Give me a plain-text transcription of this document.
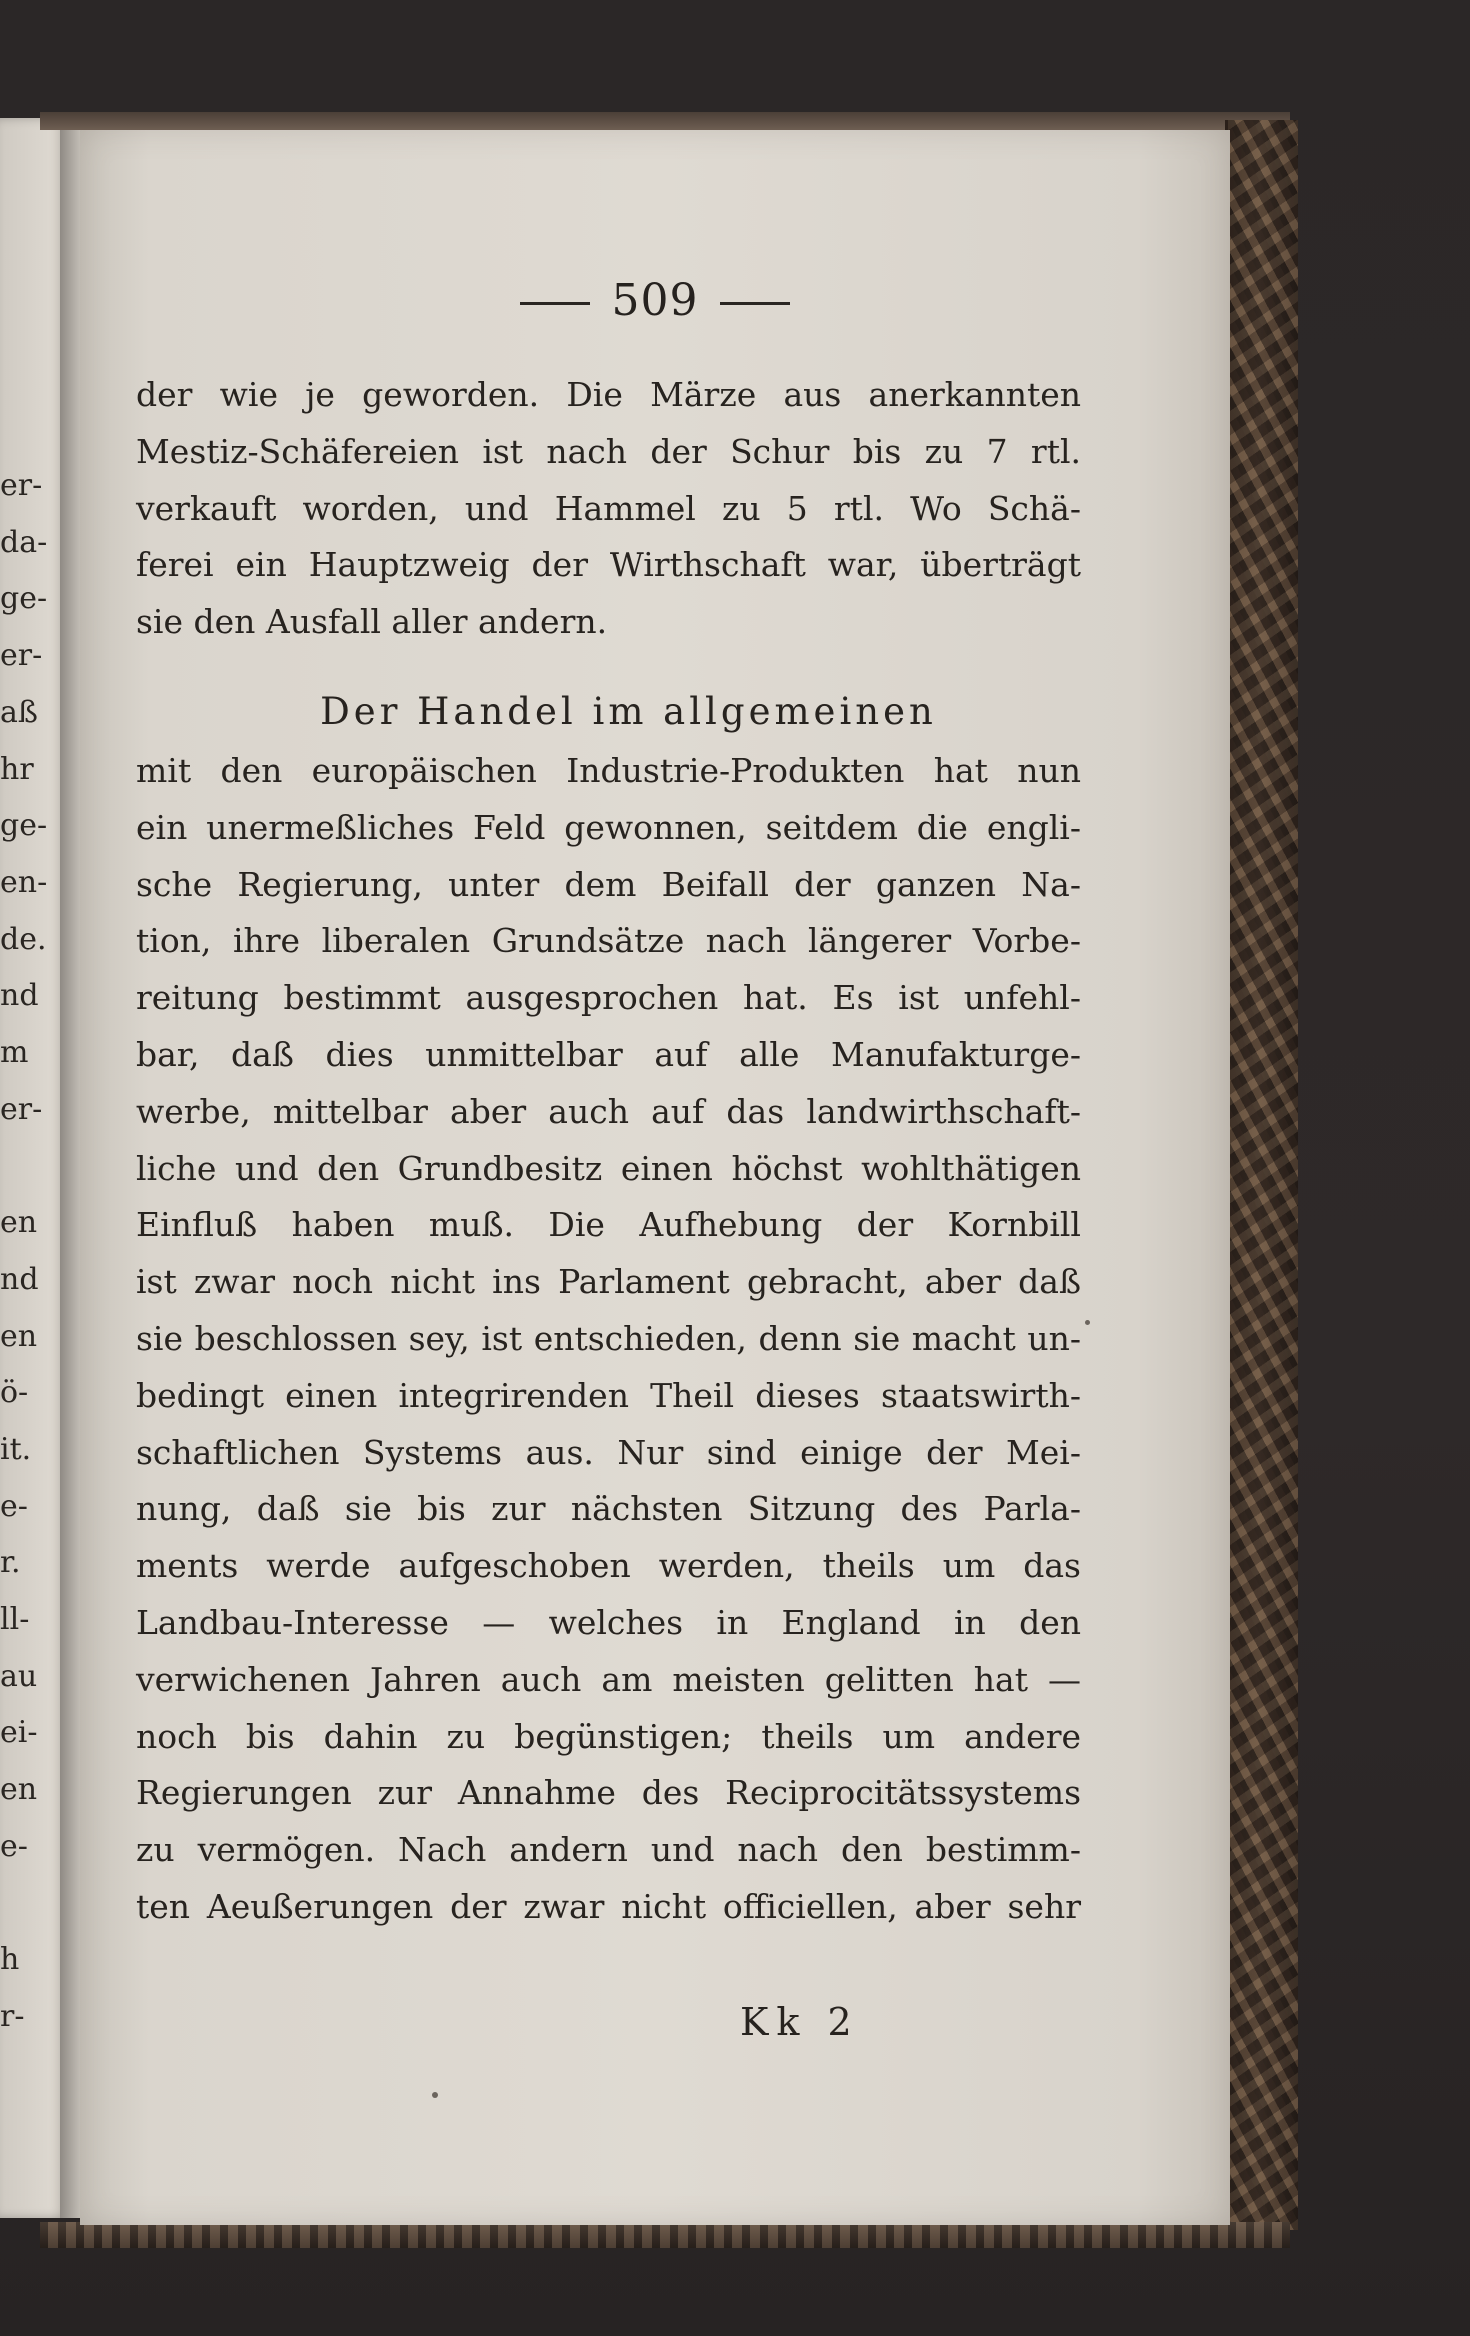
er-
da-
ge-
er-
aß
hr
ge-
en-
de.
nd
m
er-

en
nd
en
ö-
it.
e-
r.
ll-
au
ei-
en
e-

h
r-
509
der wie je geworden. Die Märze aus anerkannten
Mestiz-Schäfereien ist nach der Schur bis zu 7 rtl.
verkauft worden, und Hammel zu 5 rtl. Wo Schä-
ferei ein Hauptzweig der Wirthschaft war, überträgt
sie den Ausfall aller andern.
Der Handel im allgemeinen
mit den europäischen Industrie-Produkten hat nun
ein unermeßliches Feld gewonnen, seitdem die engli-
sche Regierung, unter dem Beifall der ganzen Na-
tion, ihre liberalen Grundsätze nach längerer Vorbe-
reitung bestimmt ausgesprochen hat. Es ist unfehl-
bar, daß dies unmittelbar auf alle Manufakturge-
werbe, mittelbar aber auch auf das landwirthschaft-
liche und den Grundbesitz einen höchst wohlthätigen
Einfluß haben muß. Die Aufhebung der Kornbill
ist zwar noch nicht ins Parlament gebracht, aber daß
sie beschlossen sey, ist entschieden, denn sie macht un-
bedingt einen integrirenden Theil dieses staatswirth-
schaftlichen Systems aus. Nur sind einige der Mei-
nung, daß sie bis zur nächsten Sitzung des Parla-
ments werde aufgeschoben werden, theils um das
Landbau-Interesse — welches in England in den
verwichenen Jahren auch am meisten gelitten hat —
noch bis dahin zu begünstigen; theils um andere
Regierungen zur Annahme des Reciprocitätssystems
zu vermögen. Nach andern und nach den bestimm-
ten Aeußerungen der zwar nicht officiellen, aber sehr
Kk 2
